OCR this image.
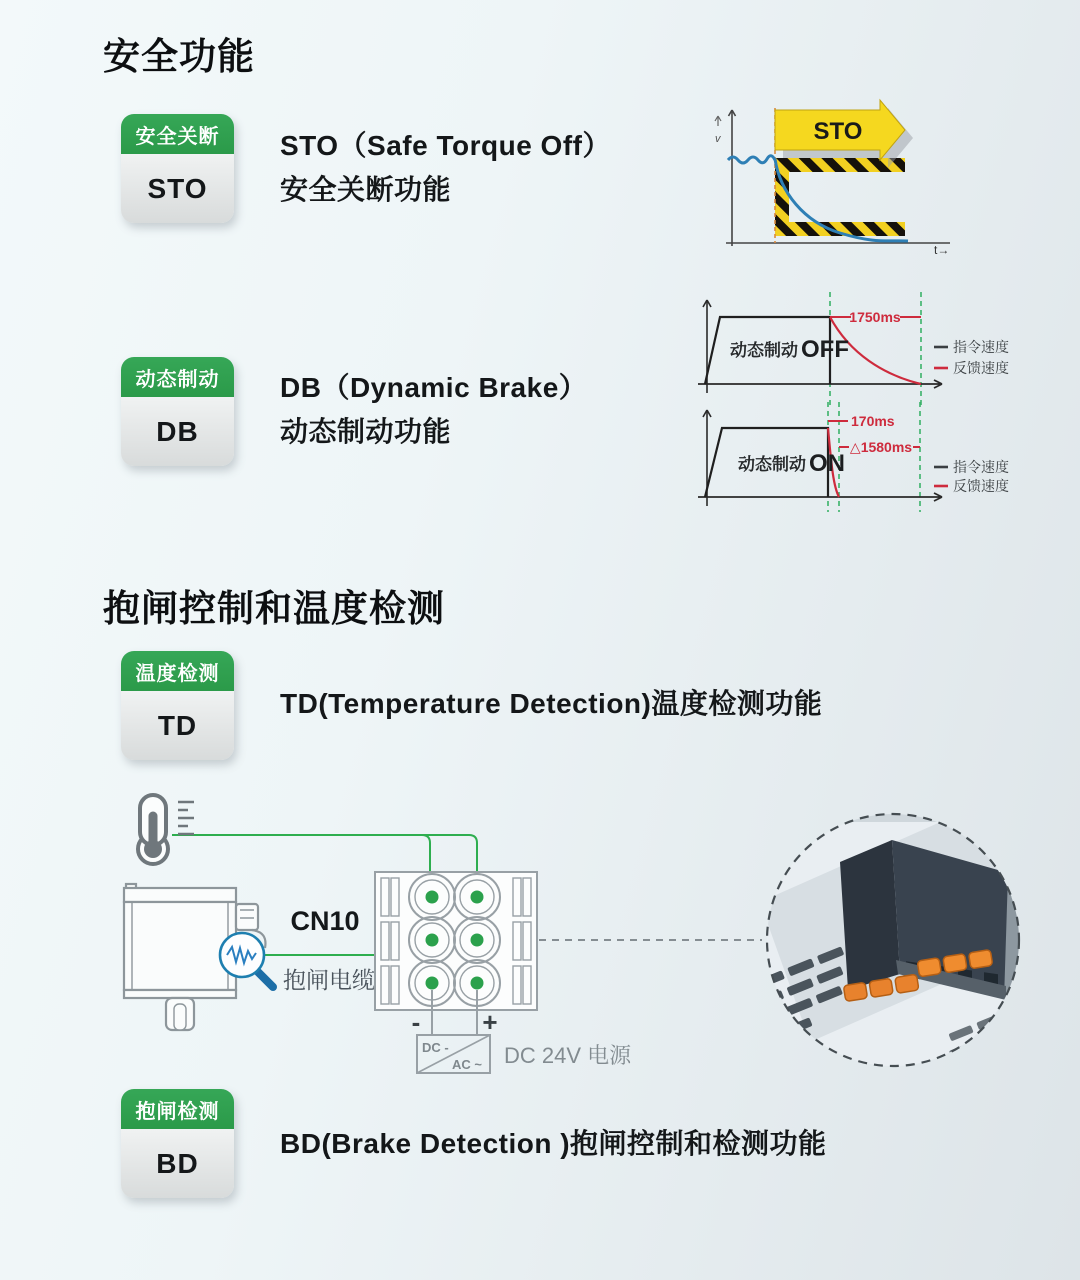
安全功能
安全关断
STO
STO（Safe Torque Off）
安全关断功能
v
t→
STO
动态制动
DB
DB（Dynamic Brake）
动态制动功能
1750ms
动态制动 OFF	指令速度
反馈速度
170ms
△1580ms
动态制动 ON	指令速度
反馈速度
抱闸控制和温度检测
温度检测
TD
TD(Temperature Detection)温度检测功能
CN10
抱闸电缆
- +
DC -
AC ~ DC 24V 电源
抱闸检测
BD
BD(Brake Detection )抱闸控制和检测功能
